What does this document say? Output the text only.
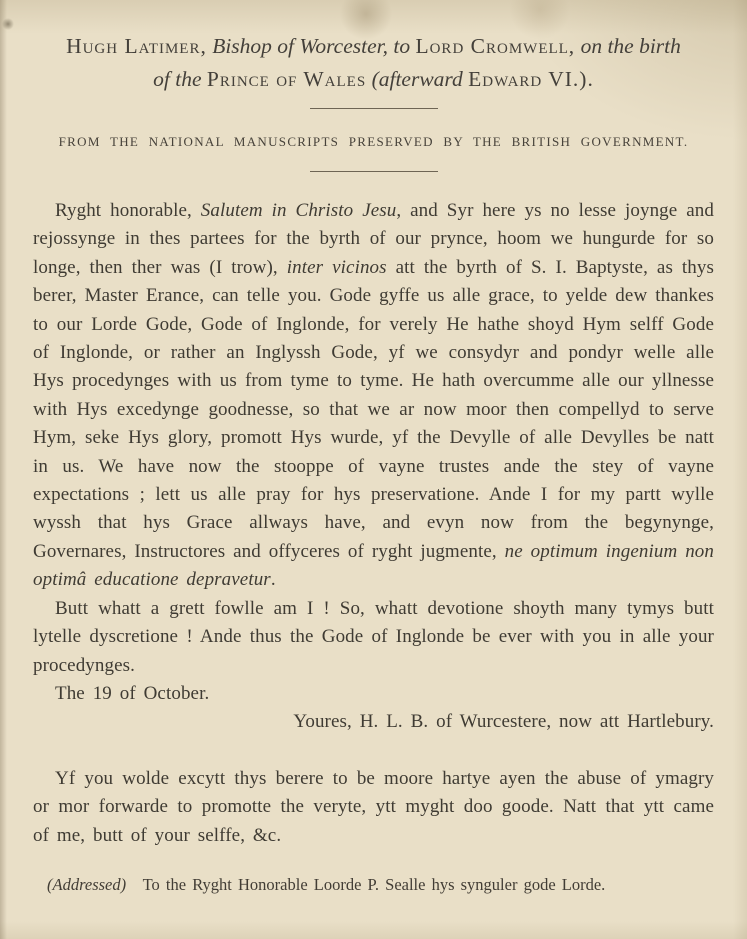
Hugh Latimer, Bishop of Worcester, to Lord Cromwell, on the birth
of the Prince of Wales (afterward Edward VI.).
FROM THE NATIONAL MANUSCRIPTS PRESERVED BY THE BRITISH GOVERNMENT.

Ryght honorable, Salutem in Christo Jesu, and Syr here ys no lesse joynge and rejossynge in thes partees for the byrth of our prynce, hoom we hungurde for so longe, then ther was (I trow), inter vicinos att the byrth of S. I. Baptyste, as thys berer, Master Erance, can telle you. Gode gyffe us alle grace, to yelde dew thankes to our Lorde Gode, Gode of Inglonde, for verely He hathe shoyd Hym selff Gode of Inglonde, or rather an Inglyssh Gode, yf we consydyr and pondyr welle alle Hys procedynges with us from tyme to tyme. He hath overcumme alle our yllnesse with Hys excedynge goodnesse, so that we ar now moor then compellyd to serve Hym, seke Hys glory, promott Hys wurde, yf the Devylle of alle Devylles be natt in us. We have now the stooppe of vayne trustes ande the stey of vayne expectations ; lett us alle pray for hys preservatione. Ande I for my partt wylle wyssh that hys Grace allways have, and evyn now from the begynynge, Governares, Instructores and offyceres of ryght jugmente, ne optimum ingenium non optimâ educatione depravetur.

Butt whatt a grett fowlle am I ! So, whatt devotione shoyth many tymys butt lytelle dyscretione ! Ande thus the Gode of Inglonde be ever with you in alle your procedynges.

The 19 of October.

Youres, H. L. B. of Wurcestere, now att Hartlebury.

Yf you wolde excytt thys berere to be moore hartye ayen the abuse of ymagry or mor forwarde to promotte the veryte, ytt myght doo goode. Natt that ytt came of me, butt of your selffe, &c.

(Addressed)  To the Ryght Honorable Loorde P. Sealle hys synguler gode Lorde.
